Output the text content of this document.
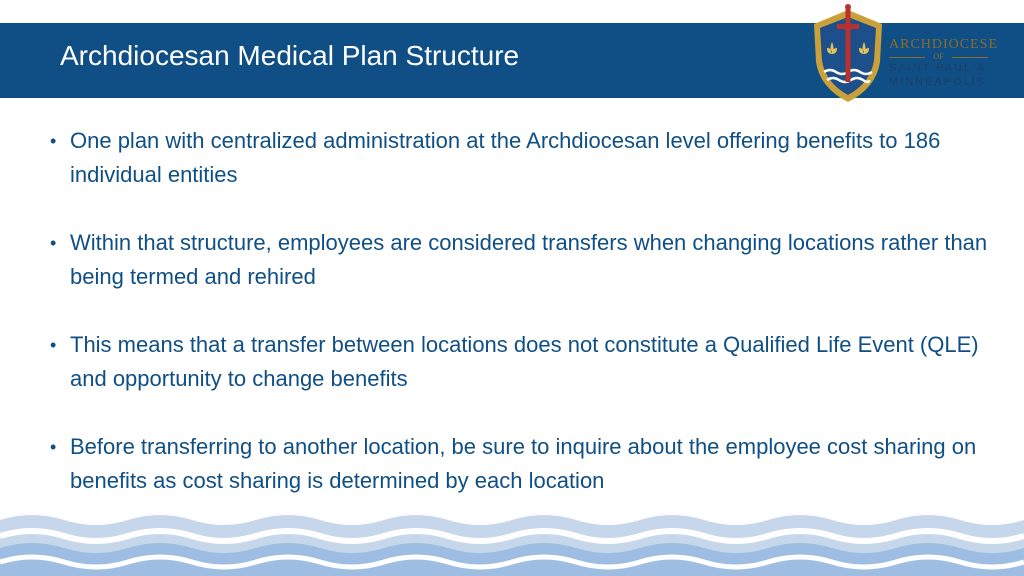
Archdiocesan Medical Plan Structure	ARCHDIOCESE
OF
SAINT PAUL &
MINNEAPOLIS
• One plan with centralized administration at the Archdiocesan level offering benefits to 186 individual entities
• Within that structure, employees are considered transfers when changing locations rather than being termed and rehired
• This means that a transfer between locations does not constitute a Qualified Life Event (QLE) and opportunity to change benefits
• Before transferring to another location, be sure to inquire about the employee cost sharing on benefits as cost sharing is determined by each location
